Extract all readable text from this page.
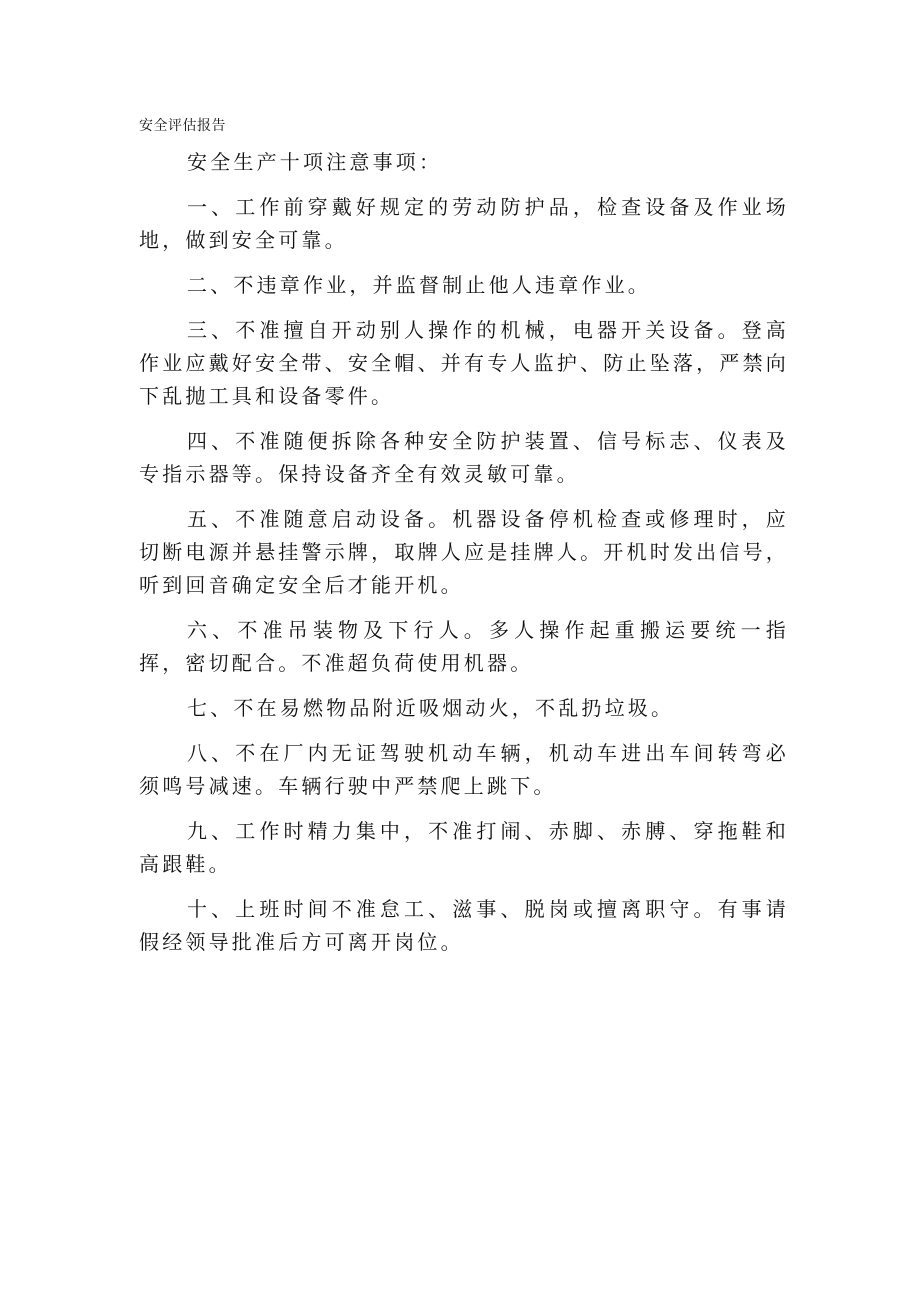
安全评估报告

安全生产十项注意事项：

一、工作前穿戴好规定的劳动防护品，检查设备及作业场地，做到安全可靠。

二、不违章作业，并监督制止他人违章作业。

三、不准擅自开动别人操作的机械，电器开关设备。登高作业应戴好安全带、安全帽、并有专人监护、防止坠落，严禁向下乱抛工具和设备零件。

四、不准随便拆除各种安全防护装置、信号标志、仪表及专指示器等。保持设备齐全有效灵敏可靠。

五、不准随意启动设备。机器设备停机检查或修理时，应切断电源并悬挂警示牌，取牌人应是挂牌人。开机时发出信号，听到回音确定安全后才能开机。

六、不准吊装物及下行人。多人操作起重搬运要统一指挥，密切配合。不准超负荷使用机器。

七、不在易燃物品附近吸烟动火，不乱扔垃圾。

八、不在厂内无证驾驶机动车辆，机动车进出车间转弯必须鸣号减速。车辆行驶中严禁爬上跳下。

九、工作时精力集中，不准打闹、赤脚、赤膊、穿拖鞋和高跟鞋。

十、上班时间不准怠工、滋事、脱岗或擅离职守。有事请假经领导批准后方可离开岗位。
